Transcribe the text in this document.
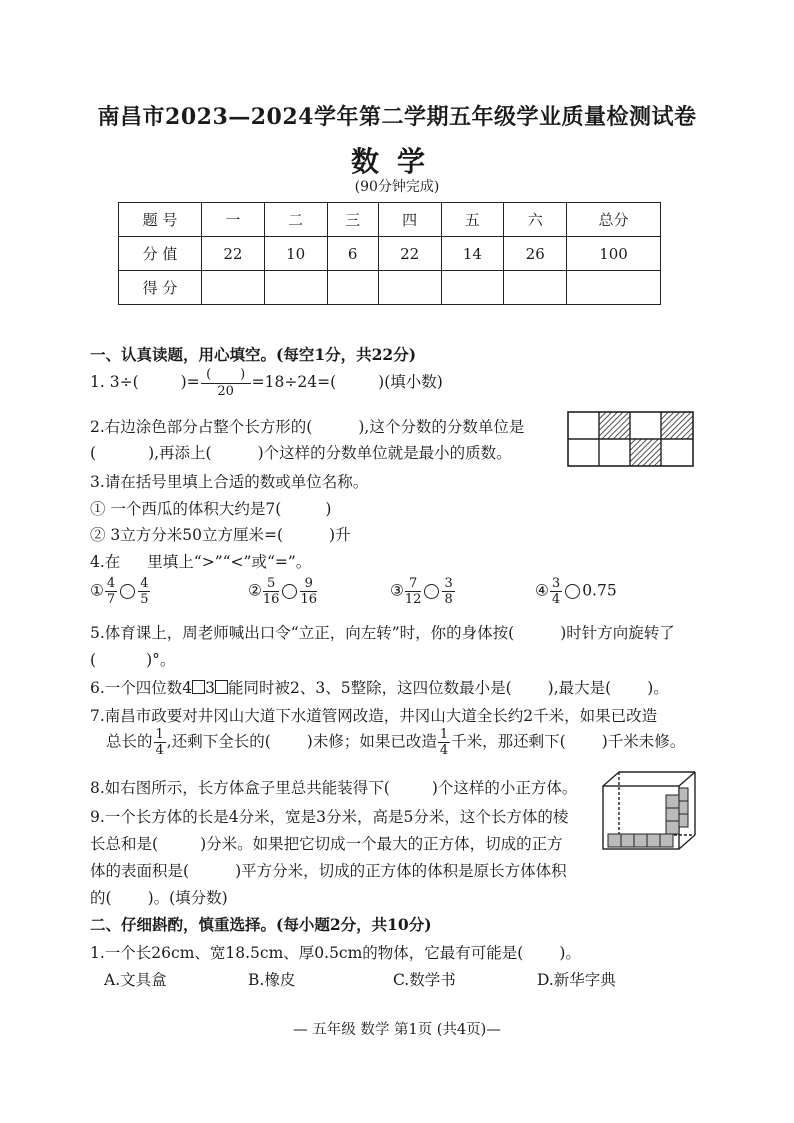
南昌市2023—2024学年第二学期五年级学业质量检测试卷
数学
(90分钟完成)
题 号	一	二	三	四	五	六	总分
分 值	22	10	6	22	14	26	100
得 分							
一、认真读题，用心填空。(每空1分，共22分)
1. 3÷(	)= $\frac{( )}{20} =18\div 24=$(	)(填小数)
2.右边涂色部分占整个长方形的(	),这个分数的分数单位是
(	),再添上(	)个这样的分数单位就是最小的质数。
3.请在括号里填上合适的数或单位名称。
① 一个西瓜的体积大约是7(	)
② 3立方分米50立方厘米=(	)升
4.在 里填上“>”“<”或“=”。
① $\frac{4}{7} \frac{4}{5}$	② $\frac{5}{16} \frac{9}{16}$	③ $\frac{7}{12} \frac{3}{8}$	④ $\frac{3}{4} 0.75$
5.体育课上，周老师喊出口令“立正，向左转”时，你的身体按(	)时针方向旋转了
(	)°。
6.一个四位数4 3 能同时被2、3、5整除，这四位数最小是( ),最大是( )。
7.南昌市政要对井冈山大道下水道管网改造，井冈山大道全长约2千米，如果已改造
总长的 $\frac{1}{4}$ ,还剩下全长的( )未修；如果已改造 $\frac{1}{4}$ 千米，那还剩下( )千米未修。
8.如右图所示，长方体盒子里总共能装得下(	)个这样的小正方体。
9.一个长方体的长是4分米，宽是3分米，高是5分米，这个长方体的棱
长总和是(	)分米。如果把它切成一个最大的正方体，切成的正方
体的表面积是(	)平方分米，切成的正方体的体积是原长方体体积
的( )。(填分数)
二、仔细斟酌，慎重选择。(每小题2分，共10分)
1.一个长26cm、宽18.5cm、厚0.5cm的物体，它最有可能是( )。
A.文具盒	B.橡皮	C.数学书	D.新华字典
— 五年级 数学 第1页 (共4页)—
